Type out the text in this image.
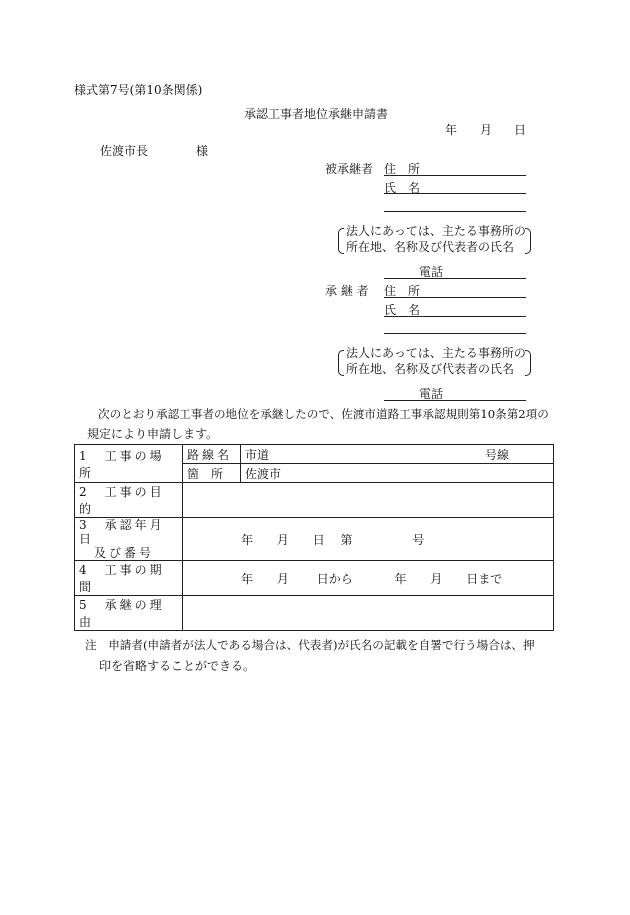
様式第7号(第10条関係)
承認工事者地位承継申請書
年 月 日
佐渡市長	様
被承継者 住　所
氏　名
法人にあっては、主たる事務所の
所在地、名称及び代表者の氏名
電話
承 継 者 住　所
氏　名
法人にあっては、主たる事務所の
所在地、名称及び代表者の氏名
電話
次のとおり承認工事者の地位を承継したので、佐渡市道路工事承認規則第10条第2項の
規定により申請します。
1　工事の場所	路線名	市道 号線

	箇　所	佐渡市
2　工事の目的		

3　承認年月日
　及び番号	年 月 日 第 号	
4　工事の期間	年 月 日から 年 月 日まで	
5　承継の理由		
注　申請者(申請者が法人である場合は、代表者)が氏名の記載を自署で行う場合は、押
印を省略することができる。
